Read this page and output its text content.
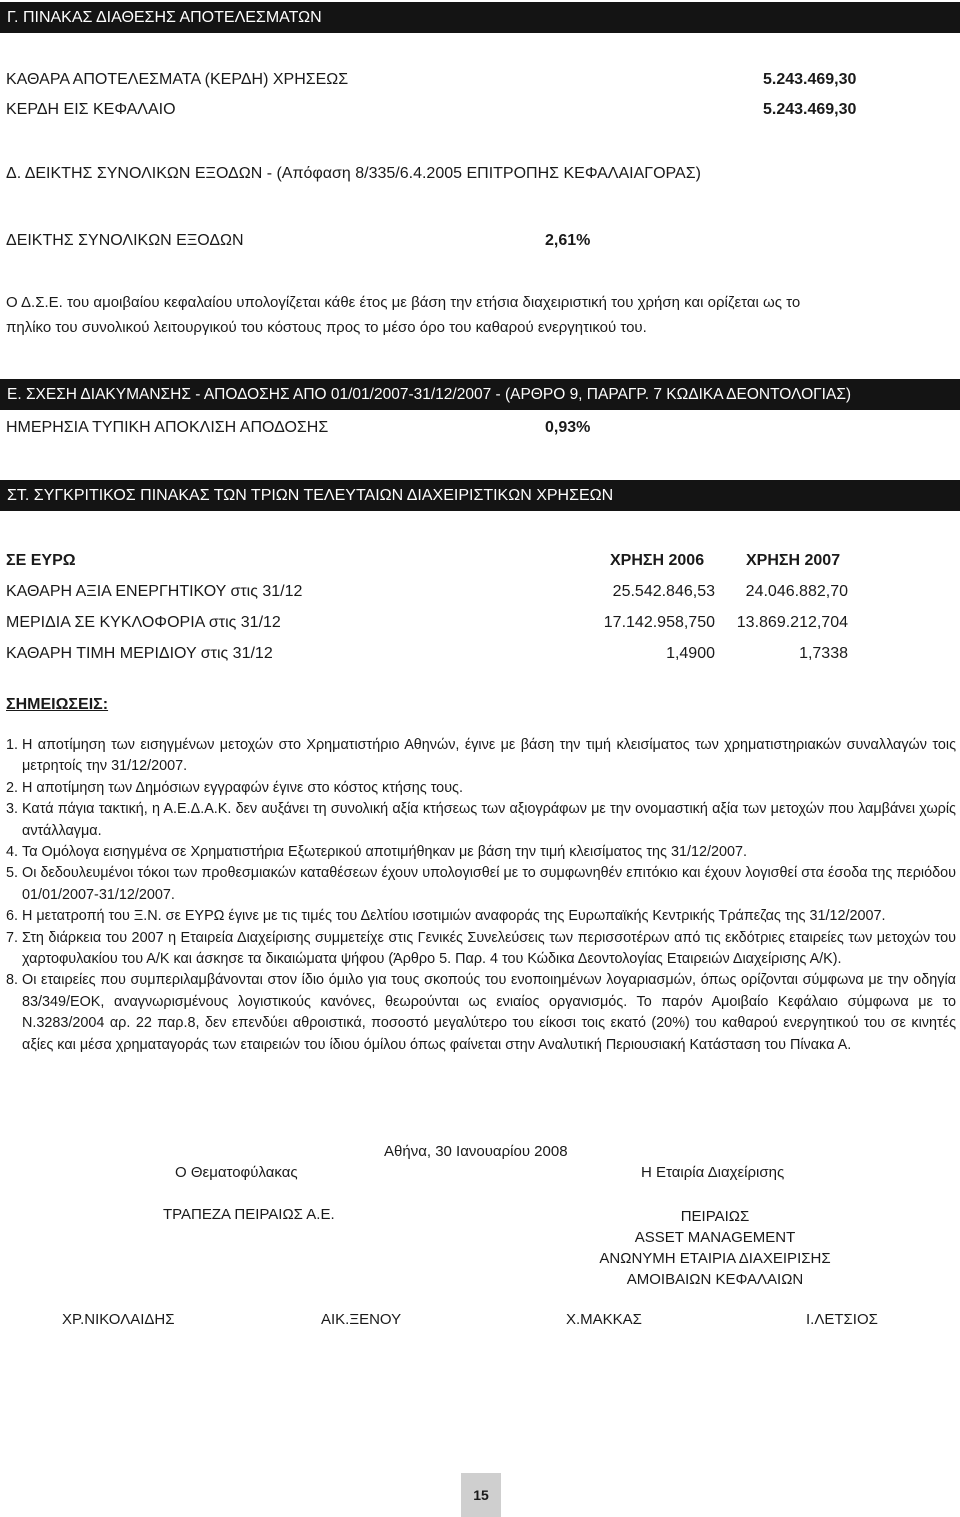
Γ. ΠΙΝΑΚΑΣ ΔΙΑΘΕΣΗΣ ΑΠΟΤΕΛΕΣΜΑΤΩΝ
ΚΑΘΑΡΑ ΑΠΟΤΕΛΕΣΜΑΤΑ (ΚΕΡΔΗ) ΧΡΗΣΕΩΣ	5.243.469,30
ΚΕΡΔΗ ΕΙΣ ΚΕΦΑΛΑΙΟ	5.243.469,30
Δ. ΔΕΙΚΤΗΣ ΣΥΝΟΛΙΚΩΝ ΕΞΟΔΩΝ - (Απόφαση 8/335/6.4.2005 ΕΠΙΤΡΟΠΗΣ ΚΕΦΑΛΑΙΑΓΟΡΑΣ)
ΔΕΙΚΤΗΣ ΣΥΝΟΛΙΚΩΝ ΕΞΟΔΩΝ	2,61%
Ο Δ.Σ.Ε. του αμοιβαίου κεφαλαίου υπολογίζεται κάθε έτος με βάση την ετήσια διαχειριστική του χρήση και ορίζεται ως το
πηλίκο του συνολικού λειτουργικού του κόστους προς το μέσο όρο του καθαρού ενεργητικού του.
Ε. ΣΧΕΣΗ ΔΙΑΚΥΜΑΝΣΗΣ - ΑΠΟΔΟΣΗΣ ΑΠΟ 01/01/2007-31/12/2007 - (ΑΡΘΡΟ 9, ΠΑΡΑΓΡ. 7 ΚΩΔΙΚΑ ΔΕΟΝΤΟΛΟΓΙΑΣ)
ΗΜΕΡΗΣΙΑ ΤΥΠΙΚΗ ΑΠΟΚΛΙΣΗ ΑΠΟΔΟΣΗΣ	0,93%
ΣΤ. ΣΥΓΚΡΙΤΙΚΟΣ ΠΙΝΑΚΑΣ ΤΩΝ ΤΡΙΩΝ ΤΕΛΕΥΤΑΙΩΝ ΔΙΑΧΕΙΡΙΣΤΙΚΩΝ ΧΡΗΣΕΩΝ
ΣΕ ΕΥΡΩ	ΧΡΗΣΗ 2006	ΧΡΗΣΗ 2007
ΚΑΘΑΡΗ ΑΞΙΑ ΕΝΕΡΓΗΤΙΚΟΥ στις 31/12	25.542.846,53	24.046.882,70
ΜΕΡΙΔΙΑ ΣΕ ΚΥΚΛΟΦΟΡΙΑ στις 31/12	17.142.958,750	13.869.212,704
ΚΑΘΑΡΗ ΤΙΜΗ ΜΕΡΙΔΙΟΥ στις 31/12	1,4900	1,7338
ΣΗΜΕΙΩΣΕΙΣ:
1. Η αποτίμηση των εισηγμένων μετοχών στο Χρηματιστήριο Αθηνών, έγινε με βάση την τιμή κλεισίματος των χρηματιστηριακών συναλλαγών τοις μετρητοίς την 31/12/2007.
2. Η αποτίμηση των Δημόσιων εγγραφών έγινε στο κόστος κτήσης τους.
3. Κατά πάγια τακτική, η Α.Ε.Δ.Α.Κ. δεν αυξάνει τη συνολική αξία κτήσεως των αξιογράφων με την ονομαστική αξία των μετοχών που λαμβάνει χωρίς αντάλλαγμα.
4. Τα Ομόλογα εισηγμένα σε Χρηματιστήρια Εξωτερικού αποτιμήθηκαν με βάση την τιμή κλεισίματος της 31/12/2007.
5. Οι δεδουλευμένοι τόκοι των προθεσμιακών καταθέσεων έχουν υπολογισθεί με το συμφωνηθέν επιτόκιο και έχουν λογισθεί στα έσοδα της περιόδου 01/01/2007-31/12/2007.
6. Η μετατροπή του Ξ.Ν. σε ΕΥΡΩ έγινε με τις τιμές του Δελτίου ισοτιμιών αναφοράς της Ευρωπαϊκής Κεντρικής Τράπεζας της 31/12/2007.
7. Στη διάρκεια του 2007 η Εταιρεία Διαχείρισης συμμετείχε στις Γενικές Συνελεύσεις των περισσοτέρων από τις εκδότριες εταιρείες των μετοχών του χαρτοφυλακίου του Α/Κ και άσκησε τα δικαιώματα ψήφου (Άρθρο 5. Παρ. 4 του Κώδικα Δεοντολογίας Εταιρειών Διαχείρισης Α/Κ).
8. Οι εταιρείες που συμπεριλαμβάνονται στον ίδιο όμιλο για τους σκοπούς του ενοποιημένων λογαριασμών, όπως ορίζονται σύμφωνα με την οδηγία 83/349/ΕΟΚ, αναγνωρισμένους λογιστικούς κανόνες, θεωρούνται ως ενιαίος οργανισμός. Το παρόν Αμοιβαίο Κεφάλαιο σύμφωνα με το Ν.3283/2004 αρ. 22 παρ.8, δεν επενδύει αθροιστικά, ποσοστό μεγαλύτερο του είκοσι τοις εκατό (20%) του καθαρού ενεργητικού του σε κινητές αξίες και μέσα χρηματαγοράς των εταιρειών του ίδιου όμίλου όπως φαίνεται στην Αναλυτική Περιουσιακή Κατάσταση του Πίνακα Α.
Αθήνα, 30 Ιανουαρίου 2008
Ο Θεματοφύλακας	Η Εταιρία Διαχείρισης
ΤΡΑΠΕΖΑ ΠΕΙΡΑΙΩΣ Α.Ε.	ΠΕΙΡΑΙΩΣ
ASSET MANAGEMENT
ΑΝΩΝΥΜΗ ΕΤΑΙΡΙΑ ΔΙΑΧΕΙΡΙΣΗΣ
ΑΜΟΙΒΑΙΩΝ ΚΕΦΑΛΑΙΩΝ
ΧΡ.ΝΙΚΟΛΑΙΔΗΣ	ΑΙΚ.ΞΕΝΟΥ	Χ.ΜΑΚΚΑΣ	Ι.ΛΕΤΣΙΟΣ
15
